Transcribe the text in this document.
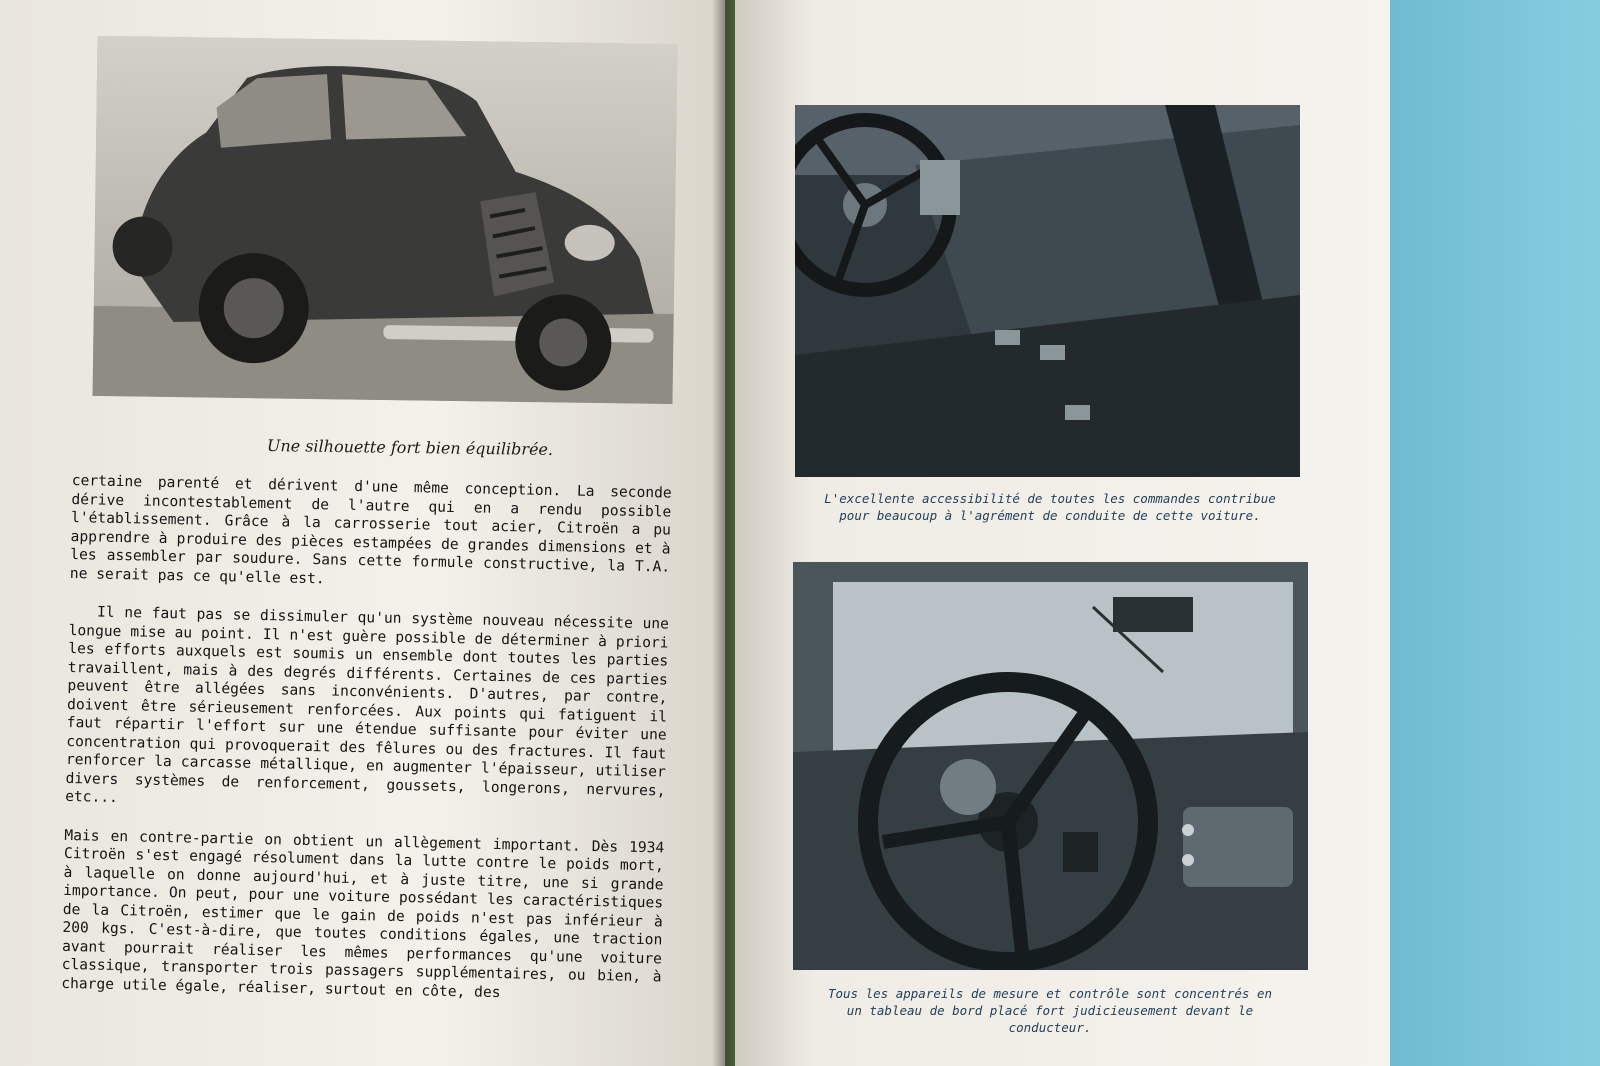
Une silhouette fort bien équilibrée.

certaine parenté et dérivent d'une même conception. La seconde dérive incontestablement de l'autre qui en a rendu possible l'établissement. Grâce à la carrosserie tout acier, Citroën a pu apprendre à produire des pièces estampées de grandes dimensions et à les assembler par soudure. Sans cette formule constructive, la T.A. ne serait pas ce qu'elle est.

Il ne faut pas se dissimuler qu'un système nouveau nécessite une longue mise au point. Il n'est guère possible de déterminer à priori les efforts auxquels est soumis un ensemble dont toutes les parties travaillent, mais à des degrés différents. Certaines de ces parties peuvent être allégées sans inconvénients. D'autres, par contre, doivent être sérieusement renforcées. Aux points qui fatiguent il faut répartir l'effort sur une étendue suffisante pour éviter une concentration qui provoquerait des fêlures ou des fractures. Il faut renforcer la carcasse métallique, en augmenter l'épaisseur, utiliser divers systèmes de renforcement, goussets, longerons, nervures, etc...

Mais en contre-partie on obtient un allègement important. Dès 1934 Citroën s'est engagé résolument dans la lutte contre le poids mort, à laquelle on donne aujourd'hui, et à juste titre, une si grande importance. On peut, pour une voiture possédant les caractéristiques de la Citroën, estimer que le gain de poids n'est pas inférieur à 200 kgs. C'est-à-dire, que toutes conditions égales, une traction avant pourrait réaliser les mêmes performances qu'une voiture classique, transporter trois passagers supplémentaires, ou bien, à charge utile égale, réaliser, surtout en côte, des

L'excellente accessibilité de toutes les commandes contribue pour beaucoup à l'agrément de conduite de cette voiture.
Tous les appareils de mesure et contrôle sont concentrés en un tableau de bord placé fort judicieusement devant le conducteur.
